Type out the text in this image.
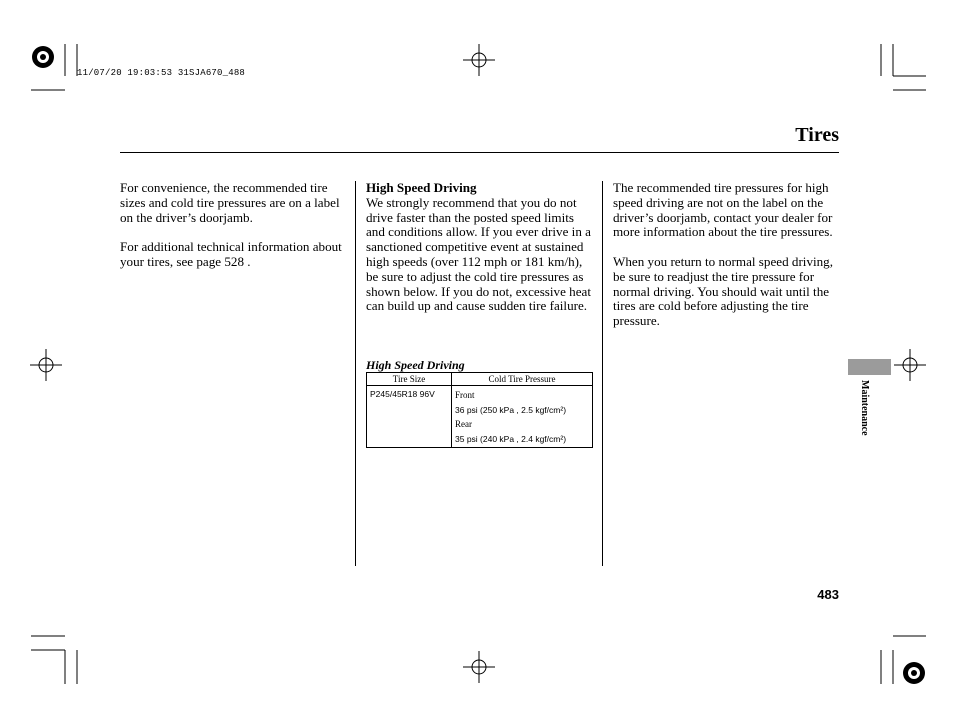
11/07/20 19:03:53 31SJA670_488
Tires

For convenience, the recommended tire sizes and cold tire pressures are on a label on the driver’s doorjamb.

For additional technical information about your tires, see page 528 .

High Speed Driving
We strongly recommend that you do not drive faster than the posted speed limits and conditions allow. If you ever drive in a sanctioned competitive event at sustained high speeds (over 112 mph or 181 km/h), be sure to adjust the cold tire pressures as shown below. If you do not, excessive heat can build up and cause sudden tire failure.
High Speed Driving
Tire Size	Cold Tire Pressure
P245/45R18 96V	Front
36 psi (250 kPa , 2.5 kgf/cm²)
Rear
35 psi (240 kPa , 2.4 kgf/cm²)

The recommended tire pressures for high speed driving are not on the label on the driver’s doorjamb, contact your dealer for more information about the tire pressures.

When you return to normal speed driving, be sure to readjust the tire pressure for normal driving. You should wait until the tires are cold before adjusting the tire pressure.

Maintenance
483
